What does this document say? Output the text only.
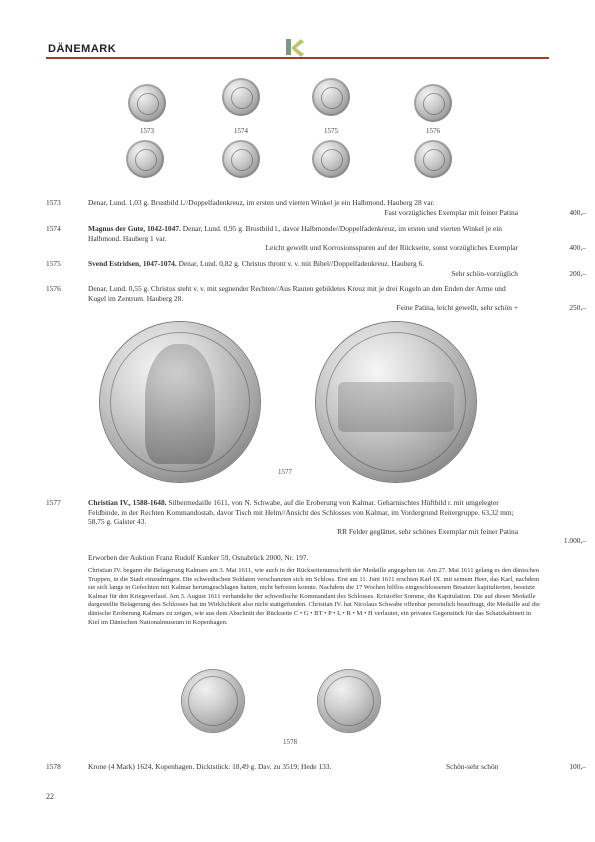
DÄNEMARK
1573	1574	1575	1576
1573	Denar, Lund. 1,03 g. Brustbild l.//Doppelfadenkreuz, im ersten und vierten Winkel je ein Halbmond. Hauberg 28 var.
Fast vorzügliches Exemplar mit feiner Patina	400,–
1574	Magnus der Gute, 1042-1047. Denar, Lund. 0,95 g. Brustbild l., davor Halbmonde//Doppelfadenkreuz, im ersten und vierten Winkel je ein Halbmond. Hauberg 1 var.
Leicht gewellt und Korrosionsspuren auf der Rückseite, sonst vorzügliches Exemplar	400,–
1575	Svend Estridsen, 1047-1074. Denar, Lund. 0,82 g. Christus thront v. v. mit Bibel//Doppelfadenkreuz. Hauberg 6.
Sehr schön-vorzüglich	200,–
1576	Denar, Lund. 0,55 g. Christus steht v. v. mit segnender Rechten//Aus Rauten gebildetes Kreuz mit je drei Kugeln an den Enden der Arme und Kugel im Zentrum. Hauberg 28.
Feine Patina, leicht gewellt, sehr schön +	250,–
1577
1577	Christian IV., 1588-1648. Silbermedaille 1611, von N. Schwabe, auf die Eroberung von Kalmar. Geharnischtes Hüftbild r. mit umgelegter Feldbinde, in der Rechten Kommandostab, davor Tisch mit Helm//Ansicht des Schlosses von Kalmar, im Vordergrund Reitergruppe. 63,32 mm; 58,75 g. Galster 43.
RR Felder geglättet, sehr schönes Exemplar mit feiner Patina
1.000,–
Erworben der Auktion Franz Rudolf Kunker 59, Osnabrück 2000, Nr. 197.
Christian IV. begann die Belagerung Kalmars am 3. Mai 1611, wie auch in der Rückseitenumschrift der Medaille angegeben ist. Am 27. Mai 1611 gelang es den dänischen Truppen, in die Stadt einzudringen. Die schwedischen Soldaten verschanzten sich im Schloss. Erst am 11. Juni 1611 erschien Karl IX. mit seinem Heer, das Karl, nachdem sie sich lange in Gefechten mit Kalmar herumgeschlagen hatten, nicht befreien konnte. Nachdem die 17 Wochen hilflos eingeschlossenen Besatzer kapitulierten, besetzte Kalmar für den Kriegsverlauf. Am 3. August 1611 verhandelte der schwedische Kommandant des Schlosses. Kristoffer Somme, die Kapitulation. Die auf dieser Medaille dargestellte Belagerung des Schlosses hat im Wirklichkeit also nicht stattgefunden. Christian IV. hat Nicolaus Schwabe offenbar persönlich beauftragt, die Medaille auf die dänische Eroberung Kalmars zu zeigen, wie aus dem Abschnitt der Rückseite C • G • BT • P • L • R • M • H verlautet, ein privates Gegenstück für das Schatzkabinett in Kiel im Dänischen Nationalmuseum in Kopenhagen.
1578
1578	Krone (4 Mark) 1624, Kopenhagen. Dicktstück: 18,49 g. Dav. zu 3519; Hede 133.	Schön-sehr schön	100,–
22
